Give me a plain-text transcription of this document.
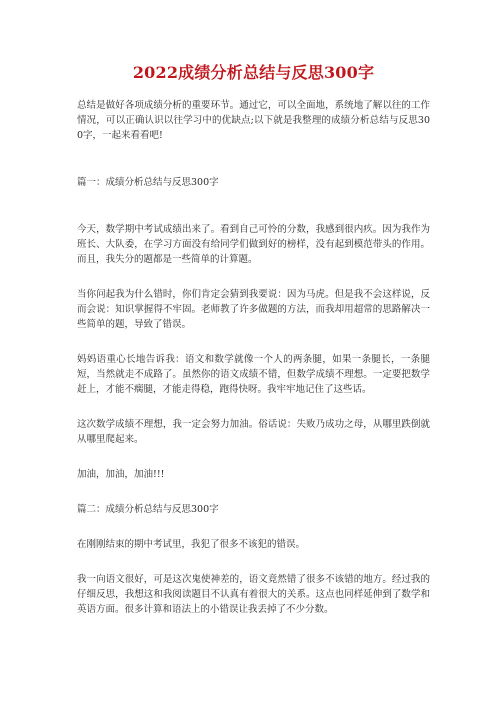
2022成绩分析总结与反思300字

总结是做好各项成绩分析的重要环节。通过它，可以全面地，系统地了解以往的工作情况，可以正确认识以往学习中的优缺点;以下就是我整理的成绩分析总结与反思300字，一起来看看吧!

篇一：成绩分析总结与反思300字

今天，数学期中考试成绩出来了。看到自己可怜的分数，我感到很内疚。因为我作为班长、大队委，在学习方面没有给同学们做到好的榜样，没有起到模范带头的作用。而且，我失分的题都是一些简单的计算题。

当你问起我为什么错时，你们肯定会猜到我要说：因为马虎。但是我不会这样说，反而会说：知识掌握得不牢固。老师教了许多做题的方法，而我却用超常的思路解决一些简单的题，导致了错误。

妈妈语重心长地告诉我：语文和数学就像一个人的两条腿，如果一条腿长，一条腿短，当然就走不成路了。虽然你的语文成绩不错，但数学成绩不理想。一定要把数学赶上，才能不瘸腿，才能走得稳，跑得快呀。我牢牢地记住了这些话。

这次数学成绩不理想，我一定会努力加油。俗话说：失败乃成功之母，从哪里跌倒就从哪里爬起来。

加油，加油，加油!!!

篇二：成绩分析总结与反思300字

在刚刚结束的期中考试里，我犯了很多不该犯的错误。

我一向语文很好，可是这次鬼使神差的，语文竟然错了很多不该错的地方。经过我的仔细反思，我想这和我阅读题目不认真有着很大的关系。这点也同样延伸到了数学和英语方面。很多计算和语法上的小错误让我丢掉了不少分数。
